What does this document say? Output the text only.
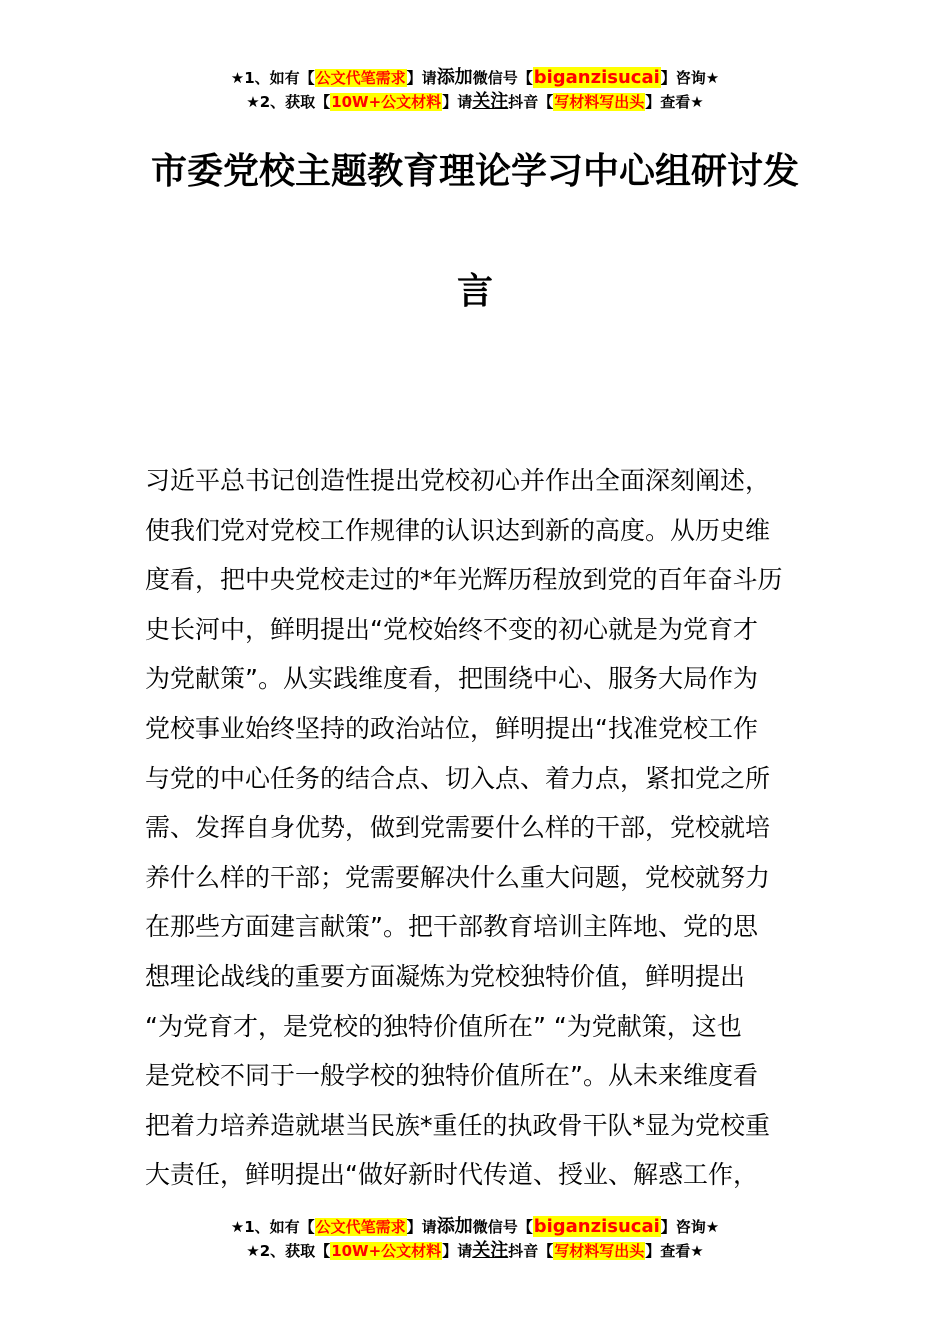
★1、如有【公文代笔需求】请添加微信号【biganzisucai】咨询★
★2、获取【10W+公文材料】请关注抖音【写材料写出头】查看★
市委党校主题教育理论学习中心组研讨发
言
习近平总书记创造性提出党校初心并作出全面深刻阐述，
使我们党对党校工作规律的认识达到新的高度。从历史维
度看，把中央党校走过的*年光辉历程放到党的百年奋斗历
史长河中，鲜明提出“党校始终不变的初心就是为党育才
为党献策”。从实践维度看，把围绕中心、服务大局作为
党校事业始终坚持的政治站位，鲜明提出“找准党校工作
与党的中心任务的结合点、切入点、着力点，紧扣党之所
需、发挥自身优势，做到党需要什么样的干部，党校就培
养什么样的干部；党需要解决什么重大问题，党校就努力
在那些方面建言献策”。把干部教育培训主阵地、党的思
想理论战线的重要方面凝炼为党校独特价值，鲜明提出
“为党育才，是党校的独特价值所在” “为党献策，这也
是党校不同于一般学校的独特价值所在”。从未来维度看
把着力培养造就堪当民族*重任的执政骨干队*显为党校重
大责任，鲜明提出“做好新时代传道、授业、解惑工作，
★1、如有【公文代笔需求】请添加微信号【biganzisucai】咨询★
★2、获取【10W+公文材料】请关注抖音【写材料写出头】查看★
